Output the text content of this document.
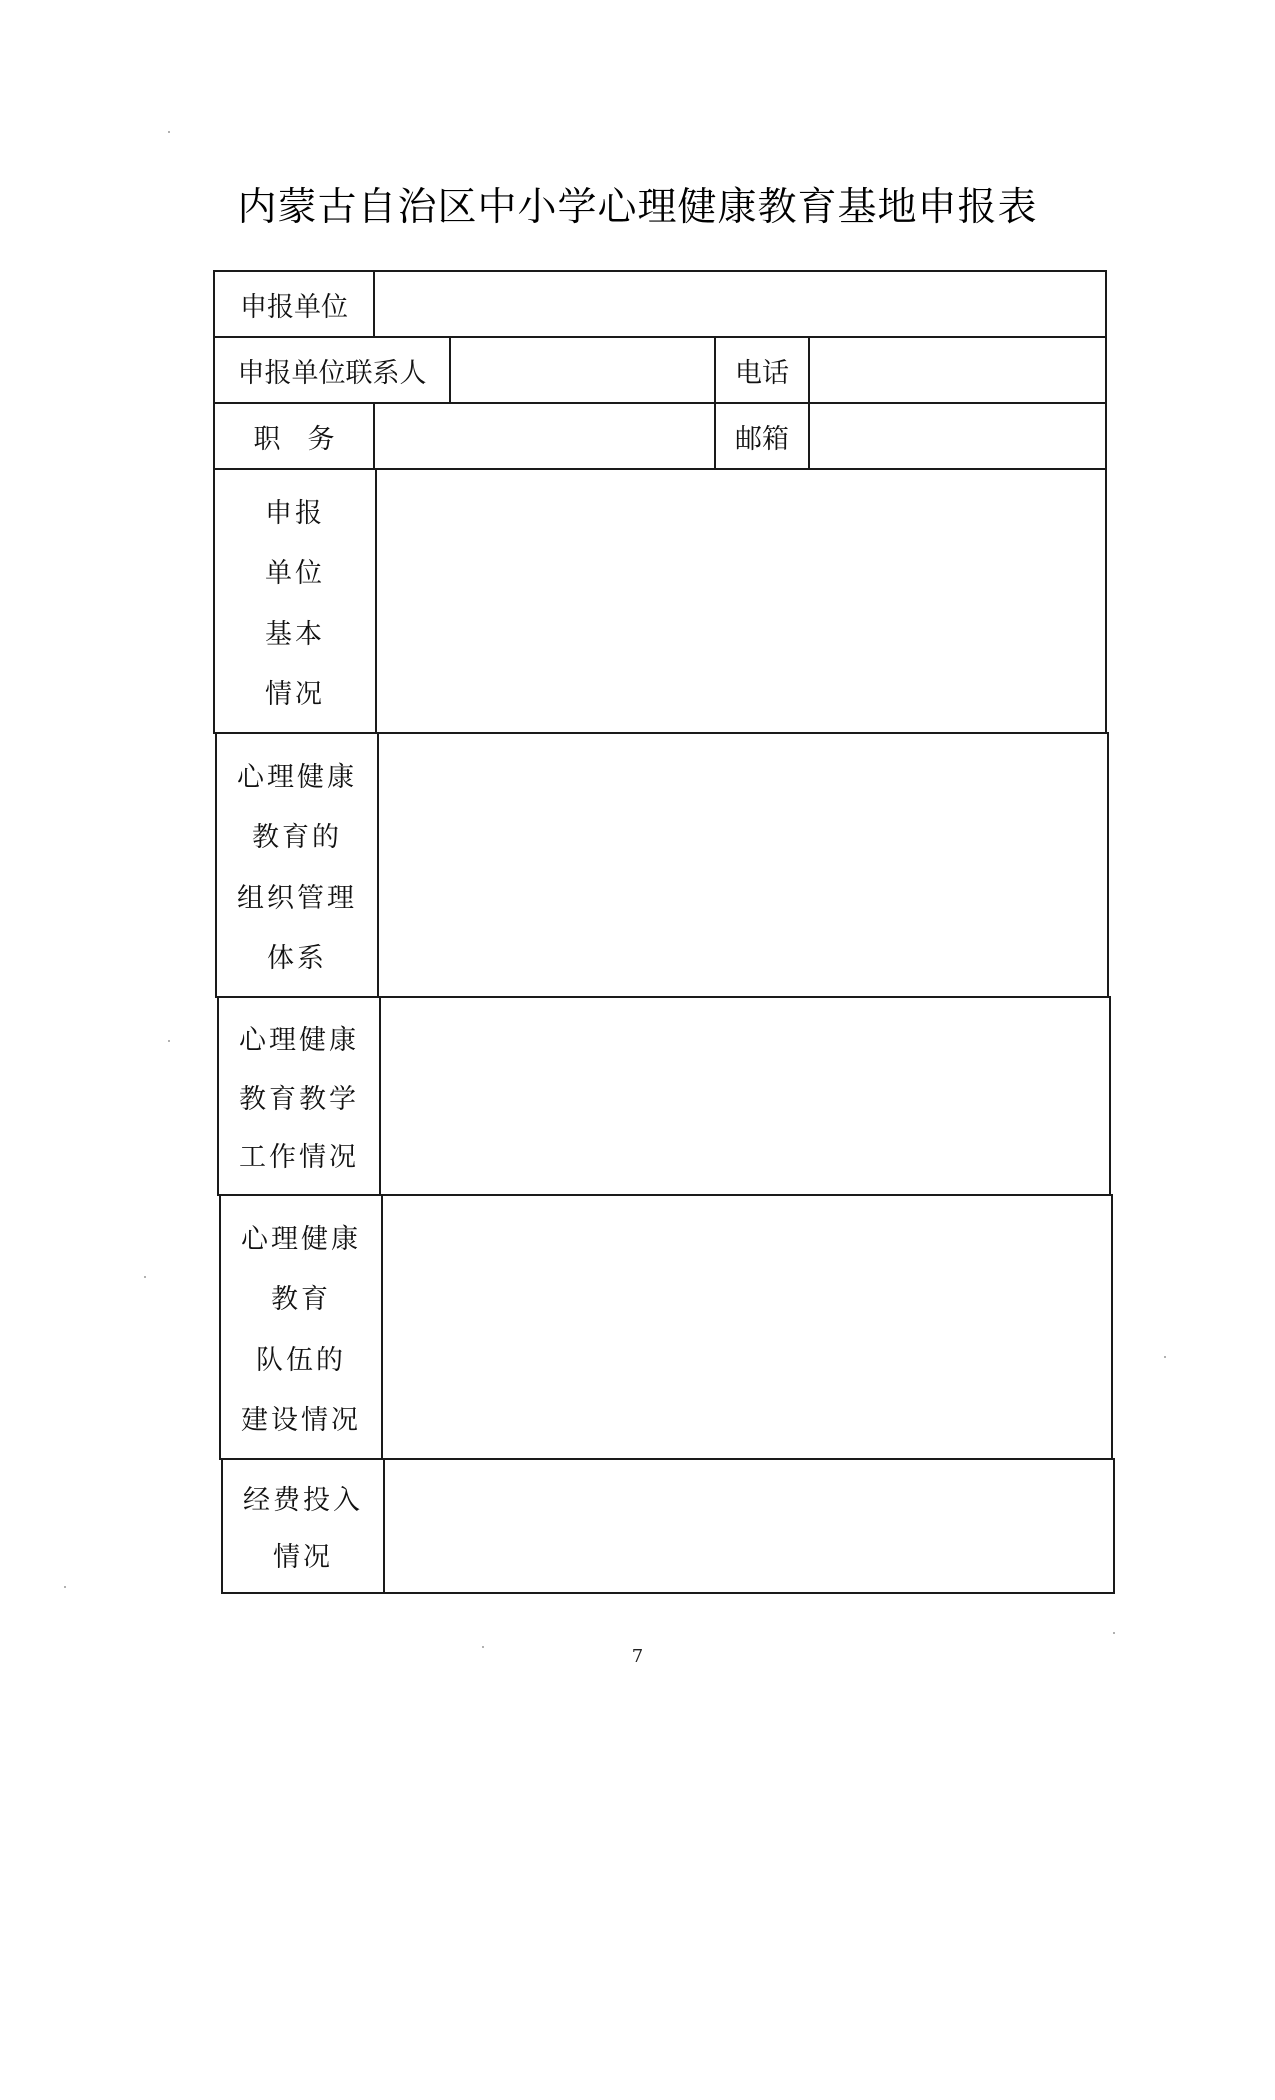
内蒙古自治区中小学心理健康教育基地申报表
申报单位
申报单位联系人	电话
职　务	邮箱
申报
单位
基本
情况
心理健康
教育的
组织管理
体系
心理健康
教育教学
工作情况
心理健康
教育
队伍的
建设情况
经费投入
情况
7
